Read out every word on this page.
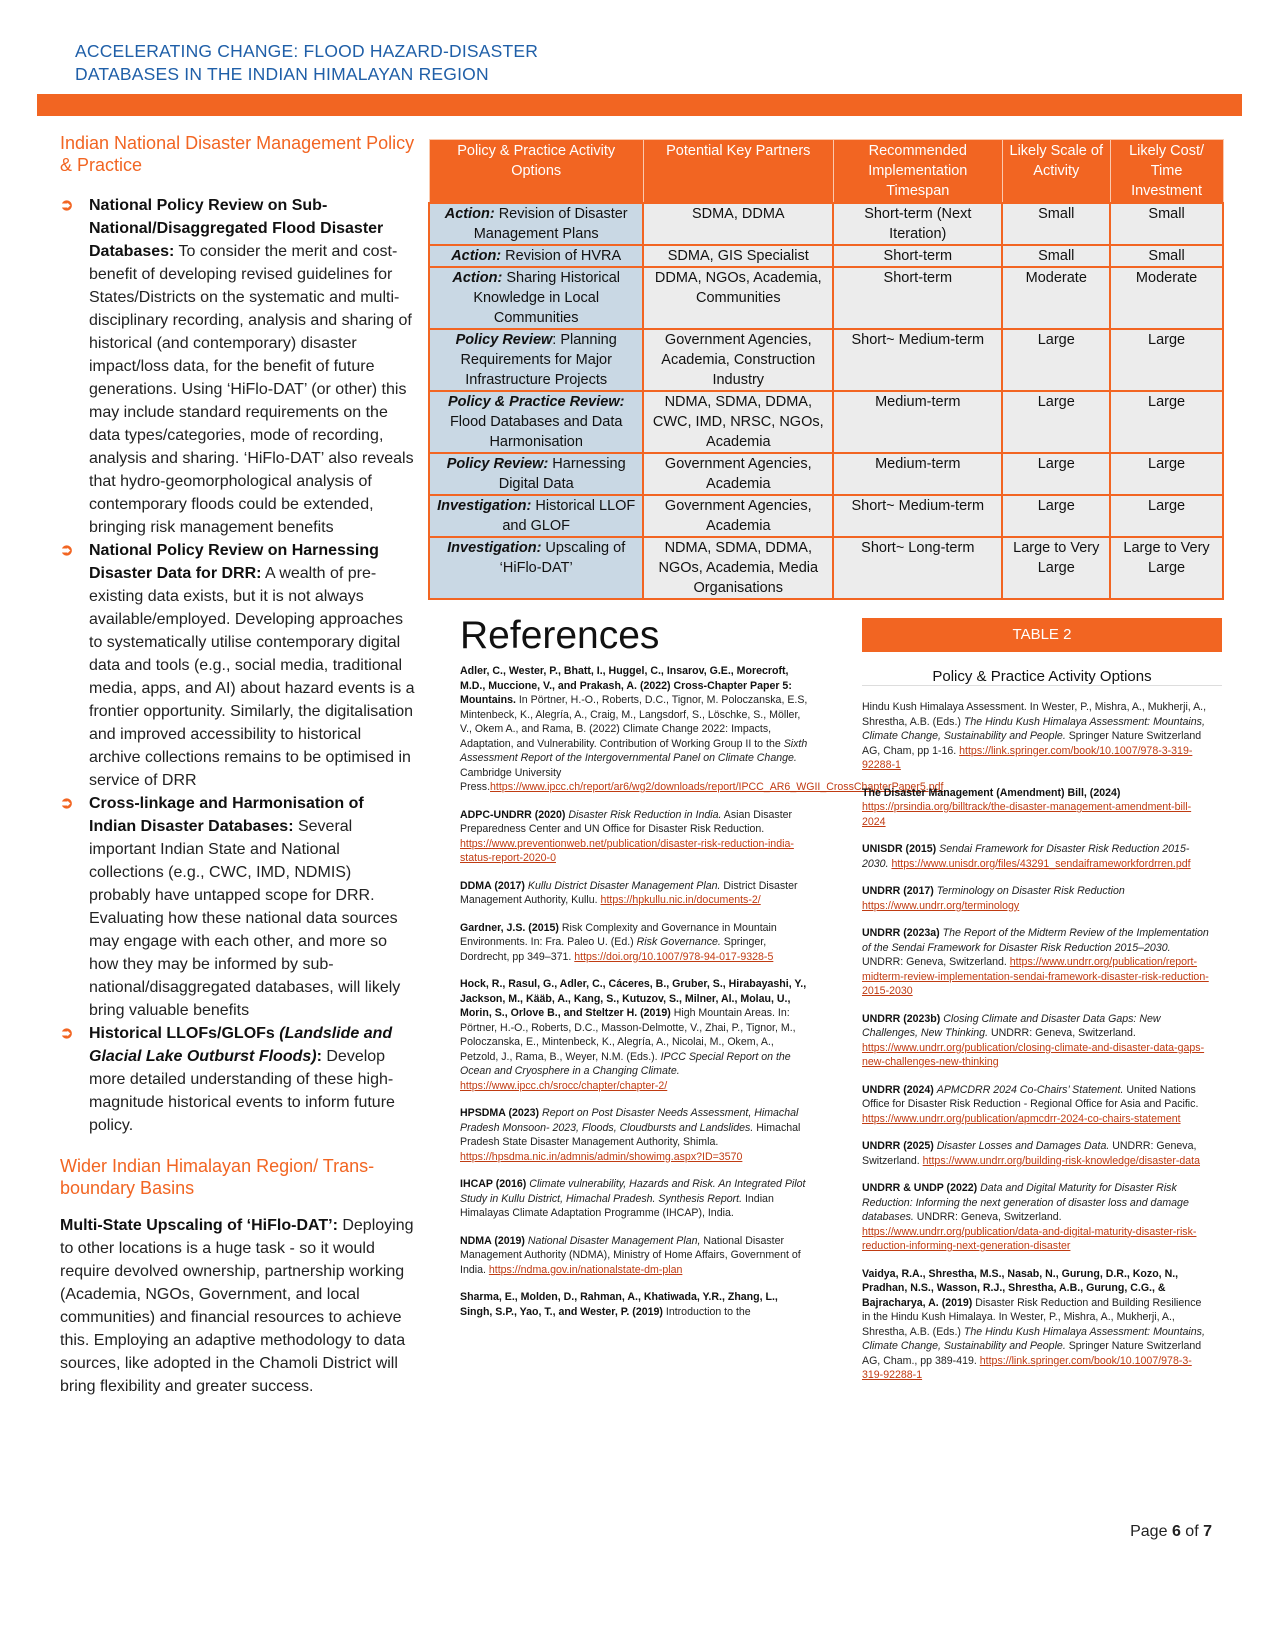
ACCELERATING CHANGE: FLOOD HAZARD-DISASTER
DATABASES IN THE INDIAN HIMALAYAN REGION
Indian National Disaster Management Policy & Practice
➲ National Policy Review on Sub-National/Disaggregated Flood Disaster Databases: To consider the merit and cost-benefit of developing revised guidelines for States/Districts on the systematic and multi-disciplinary recording, analysis and sharing of historical (and contemporary) disaster impact/loss data, for the benefit of future generations. Using ‘HiFlo-DAT’ (or other) this may include standard requirements on the data types/categories, mode of recording, analysis and sharing. ‘HiFlo-DAT’ also reveals that hydro-geomorphological analysis of contemporary floods could be extended, bringing risk management benefits
➲ National Policy Review on Harnessing Disaster Data for DRR: A wealth of pre-existing data exists, but it is not always available/employed. Developing approaches to systematically utilise contemporary digital data and tools (e.g., social media, traditional media, apps, and AI) about hazard events is a frontier opportunity. Similarly, the digitalisation and improved accessibility to historical archive collections remains to be optimised in service of DRR
➲ Cross-linkage and Harmonisation of Indian Disaster Databases: Several important Indian State and National collections (e.g., CWC, IMD, NDMIS) probably have untapped scope for DRR. Evaluating how these national data sources may engage with each other, and more so how they may be informed by sub-national/disaggregated databases, will likely bring valuable benefits
➲ Historical LLOFs/GLOFs (Landslide and Glacial Lake Outburst Floods): Develop more detailed understanding of these high-magnitude historical events to inform future policy.
Wider Indian Himalayan Region/ Trans-boundary Basins

Multi-State Upscaling of ‘HiFlo-DAT’: Deploying to other locations is a huge task - so it would require devolved ownership, partnership working (Academia, NGOs, Government, and local communities) and financial resources to achieve this. Employing an adaptive methodology to data sources, like adopted in the Chamoli District will bring flexibility and greater success.

Policy & Practice Activity Options	Potential Key Partners	Recommended Implementation Timespan	Likely Scale of Activity	Likely Cost/ Time Investment
Action: Revision of Disaster Management Plans	SDMA, DDMA	Short-term (Next Iteration)	Small	Small
Action: Revision of HVRA	SDMA, GIS Specialist	Short-term	Small	Small
Action: Sharing Historical Knowledge in Local Communities	DDMA, NGOs, Academia, Communities	Short-term	Moderate	Moderate
Policy Review: Planning Requirements for Major Infrastructure Projects	Government Agencies, Academia, Construction Industry	Short~ Medium-term	Large	Large
Policy & Practice Review: Flood Databases and Data Harmonisation	NDMA, SDMA, DDMA, CWC, IMD, NRSC, NGOs, Academia	Medium-term	Large	Large
Policy Review: Harnessing Digital Data	Government Agencies, Academia	Medium-term	Large	Large
Investigation: Historical LLOF and GLOF	Government Agencies, Academia	Short~ Medium-term	Large	Large
Investigation: Upscaling of ‘HiFlo-DAT’	NDMA, SDMA, DDMA, NGOs, Academia, Media Organisations	Short~ Long-term	Large to Very Large	Large to Very Large
References

Adler, C., Wester, P., Bhatt, I., Huggel, C., Insarov, G.E., Morecroft, M.D., Muccione, V., and Prakash, A. (2022) Cross-Chapter Paper 5: Mountains. In Pörtner, H.-O., Roberts, D.C., Tignor, M. Poloczanska, E.S, Mintenbeck, K., Alegría, A., Craig, M., Langsdorf, S., Löschke, S., Möller, V., Okem A., and Rama, B. (2022) Climate Change 2022: Impacts, Adaptation, and Vulnerability. Contribution of Working Group II to the Sixth Assessment Report of the Intergovernmental Panel on Climate Change. Cambridge University Press.https://www.ipcc.ch/report/ar6/wg2/downloads/report/IPCC_AR6_WGII_CrossChapterPaper5.pdf

ADPC-UNDRR (2020) Disaster Risk Reduction in India. Asian Disaster Preparedness Center and UN Office for Disaster Risk Reduction. https://www.preventionweb.net/publication/disaster-risk-reduction-india-status-report-2020-0

DDMA (2017) Kullu District Disaster Management Plan. District Disaster Management Authority, Kullu. https://hpkullu.nic.in/documents-2/

Gardner, J.S. (2015) Risk Complexity and Governance in Mountain Environments. In: Fra. Paleo U. (Ed.) Risk Governance. Springer, Dordrecht, pp 349–371. https://doi.org/10.1007/978-94-017-9328-5

Hock, R., Rasul, G., Adler, C., Cáceres, B., Gruber, S., Hirabayashi, Y., Jackson, M., Kääb, A., Kang, S., Kutuzov, S., Milner, Al., Molau, U., Morin, S., Orlove B., and Steltzer H. (2019) High Mountain Areas. In: Pörtner, H.-O., Roberts, D.C., Masson-Delmotte, V., Zhai, P., Tignor, M., Poloczanska, E., Mintenbeck, K., Alegría, A., Nicolai, M., Okem, A., Petzold, J., Rama, B., Weyer, N.M. (Eds.). IPCC Special Report on the Ocean and Cryosphere in a Changing Climate. https://www.ipcc.ch/srocc/chapter/chapter-2/

HPSDMA (2023) Report on Post Disaster Needs Assessment, Himachal Pradesh Monsoon- 2023, Floods, Cloudbursts and Landslides. Himachal Pradesh State Disaster Management Authority, Shimla. https://hpsdma.nic.in/admnis/admin/showimg.aspx?ID=3570

IHCAP (2016) Climate vulnerability, Hazards and Risk. An Integrated Pilot Study in Kullu District, Himachal Pradesh. Synthesis Report. Indian Himalayas Climate Adaptation Programme (IHCAP), India.

NDMA (2019) National Disaster Management Plan, National Disaster Management Authority (NDMA), Ministry of Home Affairs, Government of India. https://ndma.gov.in/nationalstate-dm-plan

Sharma, E., Molden, D., Rahman, A., Khatiwada, Y.R., Zhang, L., Singh, S.P., Yao, T., and Wester, P. (2019) Introduction to the

TABLE 2
Policy & Practice Activity Options

Hindu Kush Himalaya Assessment. In Wester, P., Mishra, A., Mukherji, A., Shrestha, A.B. (Eds.) The Hindu Kush Himalaya Assessment: Mountains, Climate Change, Sustainability and People. Springer Nature Switzerland AG, Cham, pp 1-16. https://link.springer.com/book/10.1007/978-3-319-92288-1

The Disaster Management (Amendment) Bill, (2024) https://prsindia.org/billtrack/the-disaster-management-amendment-bill-2024

UNISDR (2015) Sendai Framework for Disaster Risk Reduction 2015-2030. https://www.unisdr.org/files/43291_sendaiframeworkfordrren.pdf

UNDRR (2017) Terminology on Disaster Risk Reduction https://www.undrr.org/terminology

UNDRR (2023a) The Report of the Midterm Review of the Implementation of the Sendai Framework for Disaster Risk Reduction 2015–2030. UNDRR: Geneva, Switzerland. https://www.undrr.org/publication/report-midterm-review-implementation-sendai-framework-disaster-risk-reduction-2015-2030

UNDRR (2023b) Closing Climate and Disaster Data Gaps: New Challenges, New Thinking. UNDRR: Geneva, Switzerland. https://www.undrr.org/publication/closing-climate-and-disaster-data-gaps-new-challenges-new-thinking

UNDRR (2024) APMCDRR 2024 Co-Chairs’ Statement. United Nations Office for Disaster Risk Reduction - Regional Office for Asia and Pacific. https://www.undrr.org/publication/apmcdrr-2024-co-chairs-statement

UNDRR (2025) Disaster Losses and Damages Data. UNDRR: Geneva, Switzerland. https://www.undrr.org/building-risk-knowledge/disaster-data

UNDRR & UNDP (2022) Data and Digital Maturity for Disaster Risk Reduction: Informing the next generation of disaster loss and damage databases. UNDRR: Geneva, Switzerland. https://www.undrr.org/publication/data-and-digital-maturity-disaster-risk-reduction-informing-next-generation-disaster

Vaidya, R.A., Shrestha, M.S., Nasab, N., Gurung, D.R., Kozo, N., Pradhan, N.S., Wasson, R.J., Shrestha, A.B., Gurung, C.G., & Bajracharya, A. (2019) Disaster Risk Reduction and Building Resilience in the Hindu Kush Himalaya. In Wester, P., Mishra, A., Mukherji, A., Shrestha, A.B. (Eds.) The Hindu Kush Himalaya Assessment: Mountains, Climate Change, Sustainability and People. Springer Nature Switzerland AG, Cham., pp 389-419. https://link.springer.com/book/10.1007/978-3-319-92288-1

Page 6 of 7
